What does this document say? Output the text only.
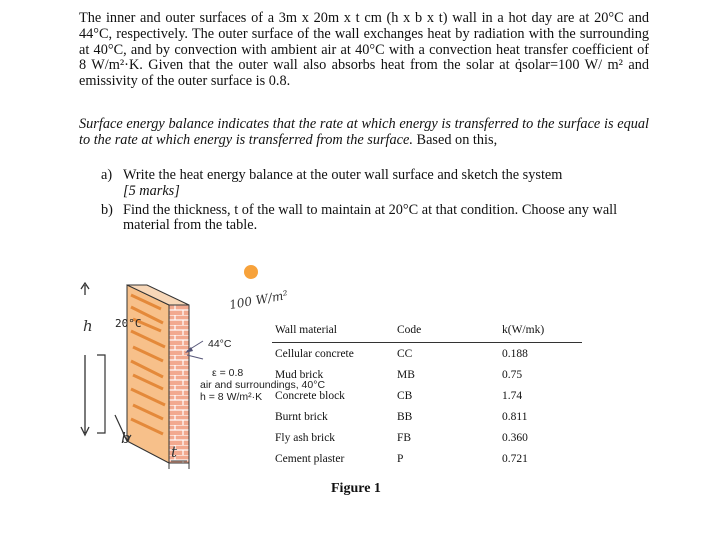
The inner and outer surfaces of a 3m x 20m x t cm (h x b x t) wall in a hot day are at 20°C and 44°C, respectively. The outer surface of the wall exchanges heat by radiation with the surrounding at 40°C, and by convection with ambient air at 40°C with a convection heat transfer coefficient of 8 W/m²·K. Given that the outer wall also absorbs heat from the solar at q̇solar=100 W/ m² and emissivity of the outer surface is 0.8.
Surface energy balance indicates that the rate at which energy is transferred to the surface is equal to the rate at which energy is transferred from the surface. Based on this,
a) Write the heat energy balance at the outer wall surface and sketch the system
[5 marks]
b) Find the thickness, t of the wall to maintain at 20°C at that condition. Choose any wall material from the table.
20°C
44°C
ε = 0.8
air and surroundings, 40°C
h = 8 W/m²·K
100 W/m²
h
b
t
Wall material	Code	k(W/mk)
Cellular concrete	CC	0.188
Mud brick	MB	0.75
Concrete block	CB	1.74
Burnt brick	BB	0.811
Fly ash brick	FB	0.360
Cement plaster	P	0.721
Figure 1
